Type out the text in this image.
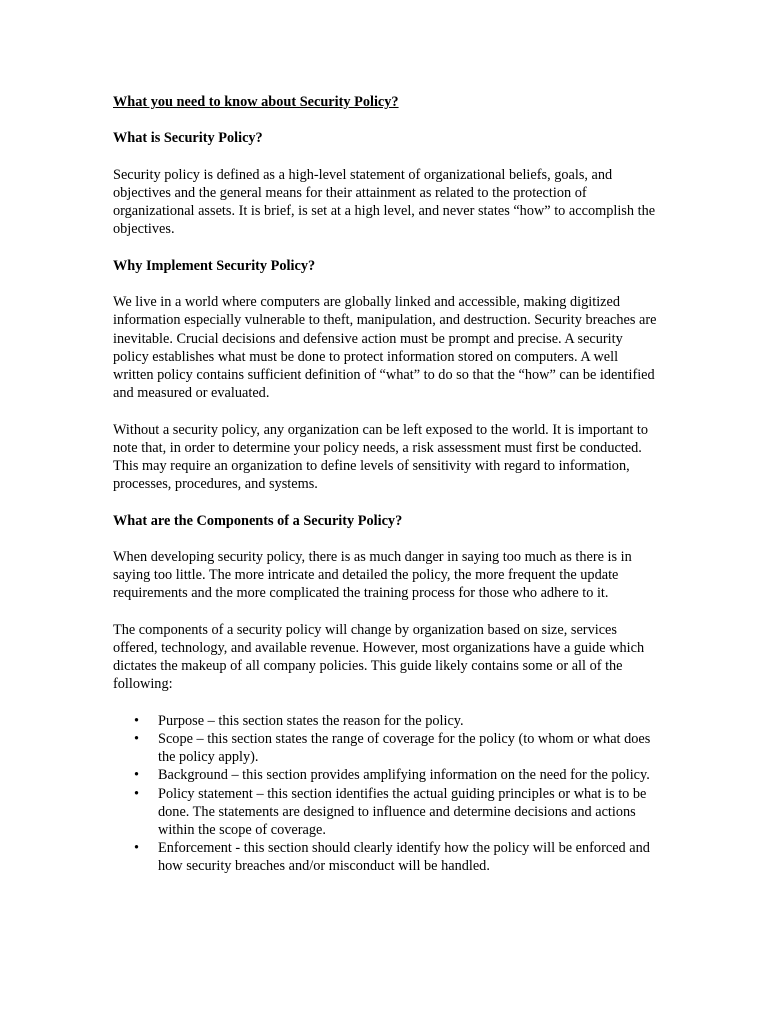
What you need to know about Security Policy?

What is Security Policy?

Security policy is defined as a high-level statement of organizational beliefs, goals, and objectives and the general means for their attainment as related to the protection of organizational assets. It is brief, is set at a high level, and never states “how” to accomplish the objectives.

Why Implement Security Policy?

We live in a world where computers are globally linked and accessible, making digitized information especially vulnerable to theft, manipulation, and destruction. Security breaches are inevitable. Crucial decisions and defensive action must be prompt and precise. A security policy establishes what must be done to protect information stored on computers. A well written policy contains sufficient definition of “what” to do so that the “how” can be identified and measured or evaluated.

Without a security policy, any organization can be left exposed to the world. It is important to note that, in order to determine your policy needs, a risk assessment must first be conducted. This may require an organization to define levels of sensitivity with regard to information, processes, procedures, and systems.

What are the Components of a Security Policy?

When developing security policy, there is as much danger in saying too much as there is in saying too little. The more intricate and detailed the policy, the more frequent the update requirements and the more complicated the training process for those who adhere to it.

The components of a security policy will change by organization based on size, services offered, technology, and available revenue. However, most organizations have a guide which dictates the makeup of all company policies. This guide likely contains some or all of the following:

• Purpose – this section states the reason for the policy.
• Scope – this section states the range of coverage for the policy (to whom or what does the policy apply).
• Background – this section provides amplifying information on the need for the policy.
• Policy statement – this section identifies the actual guiding principles or what is to be done. The statements are designed to influence and determine decisions and actions within the scope of coverage.
• Enforcement - this section should clearly identify how the policy will be enforced and how security breaches and/or misconduct will be handled.
